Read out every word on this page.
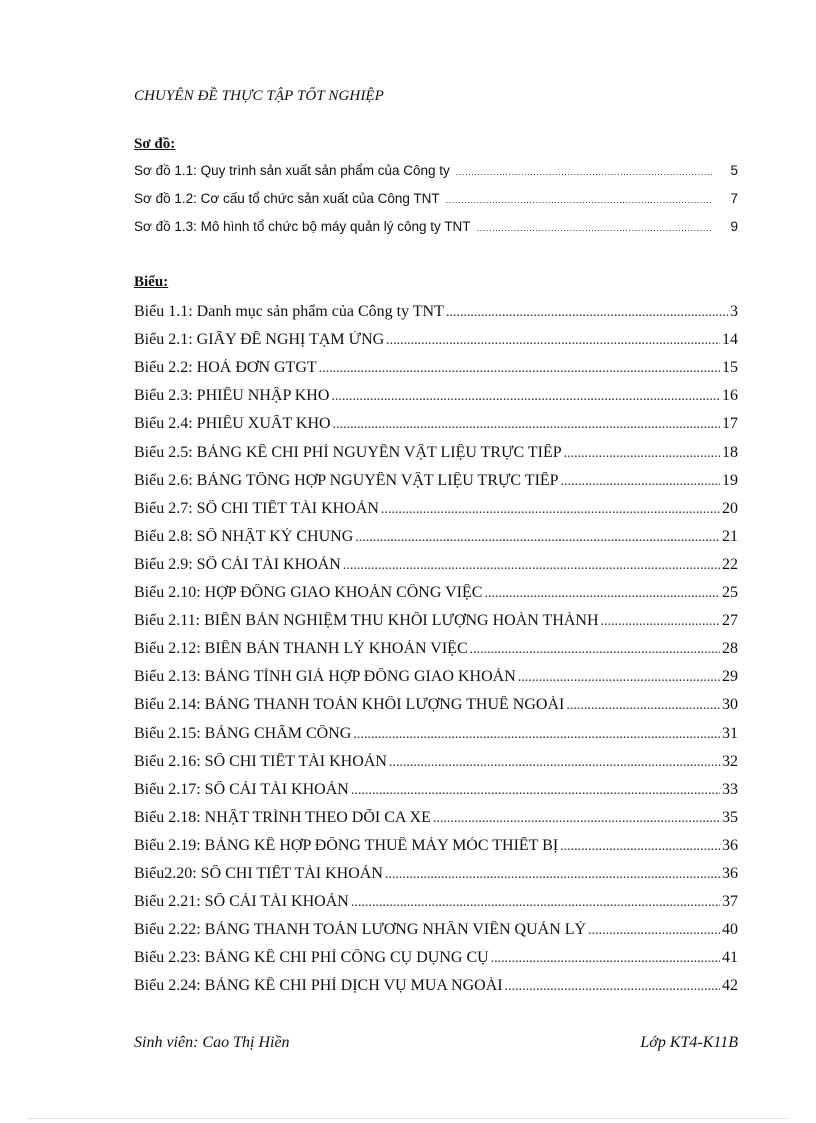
CHUYÊN ĐỀ THỰC TẬP TỐT NGHIỆP
Sơ đồ:
Sơ đồ 1.1: Quy trình sản xuất sản phẩm của Công ty .....	5
Sơ đồ 1.2: Cơ cấu tổ chức sản xuất của Công TNT .....	7
Sơ đồ 1.3: Mô hình tổ chức bộ máy quản lý công ty TNT .....	9
Biểu:
Biểu 1.1: Danh mục sản phẩm của Công ty TNT .....	3
Biểu 2.1: GIẤY ĐỀ NGHỊ TẠM ỨNG .....	14
Biểu 2.2: HOÁ ĐƠN GTGT .....	15
Biểu 2.3: PHIẾU NHẬP KHO .....	16
Biểu 2.4: PHIẾU XUẤT KHO .....	17
Biểu 2.5: BẢNG KÊ CHI PHÍ NGUYÊN VẬT LIỆU TRỰC TIẾP .....	18
Biểu 2.6: BẢNG TỔNG HỢP NGUYÊN VẬT LIỆU TRỰC TIẾP .....	19
Biểu 2.7: SỔ CHI TIẾT TÀI KHOẢN .....	20
Biểu 2.8: SỔ NHẬT KÝ CHUNG .....	21
Biểu 2.9: SỔ CÁI TÀI KHOẢN .....	22
Biểu 2.10: HỢP ĐỒNG GIAO KHOÁN CÔNG VIỆC .....	25
Biểu 2.11: BIÊN BẢN NGHIỆM THU KHỐI LƯỢNG HOÀN THÀNH .....	27
Biểu 2.12: BIÊN BẢN THANH LÝ KHOÁN VIỆC .....	28
Biểu 2.13: BẢNG TÍNH GIÁ HỢP ĐỒNG GIAO KHOÁN .....	29
Biểu 2.14: BẢNG THANH TOÁN KHỐI LƯỢNG THUÊ NGOÀI .....	30
Biểu 2.15: BẢNG CHẤM CÔNG .....	31
Biểu 2.16: SỔ CHI TIẾT TÀI KHOẢN .....	32
Biểu 2.17: SỔ CÁI TÀI KHOẢN .....	33
Biểu 2.18: NHẬT TRÌNH THEO DÕI CA XE .....	35
Biểu 2.19: BẢNG KÊ HỢP ĐỒNG THUÊ MÁY MÓC THIẾT BỊ .....	36
Biểu2.20: SỔ CHI TIẾT TÀI KHOẢN .....	36
Biểu 2.21: SỔ CÁI TÀI KHOẢN .....	37
Biểu 2.22: BẢNG THANH TOÁN LƯƠNG NHÂN VIÊN QUẢN LÝ .....	40
Biểu 2.23: BẢNG KÊ CHI PHÍ CÔNG CỤ DỤNG CỤ .....	41
Biểu 2.24: BẢNG KÊ CHI PHÍ DỊCH VỤ MUA NGOÀI .....	42
Sinh viên: Cao Thị Hiền	Lớp KT4-K11B
